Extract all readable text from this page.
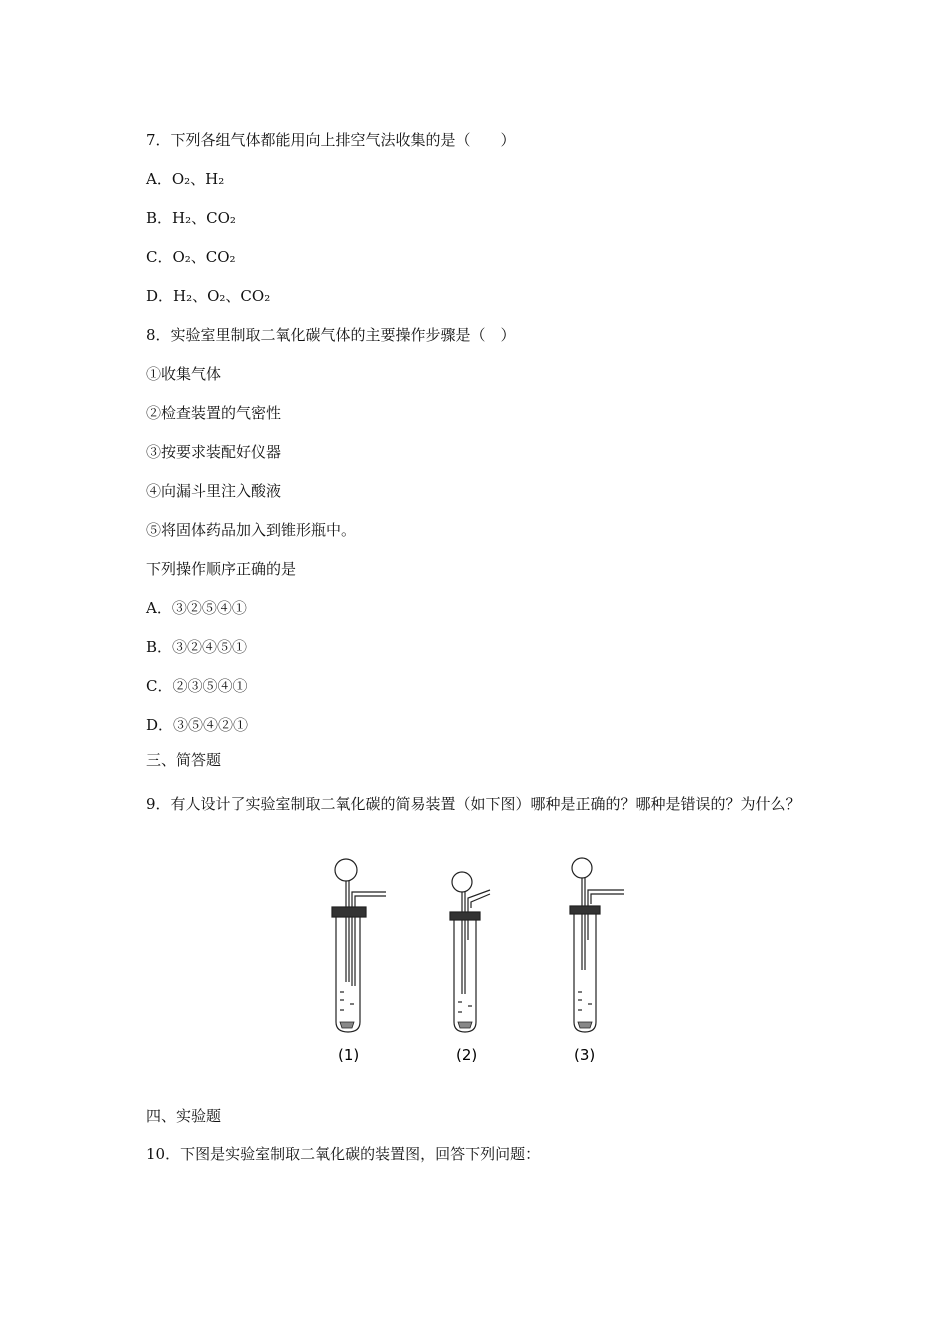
7．下列各组气体都能用向上排空气法收集的是（　　）
A．O₂、H₂
B．H₂、CO₂
C．O₂、CO₂
D．H₂、O₂、CO₂
8．实验室里制取二氧化碳气体的主要操作步骤是（　）
①收集气体
②检查装置的气密性
③按要求装配好仪器
④向漏斗里注入酸液
⑤将固体药品加入到锥形瓶中。
下列操作顺序正确的是
A．③②⑤④①
B．③②④⑤①
C．②③⑤④①
D．③⑤④②①
三、简答题
9．有人设计了实验室制取二氧化碳的简易装置（如下图）哪种是正确的？哪种是错误的？为什么？
(1)	(2)	(3)
四、实验题
10．下图是实验室制取二氧化碳的装置图，回答下列问题：
